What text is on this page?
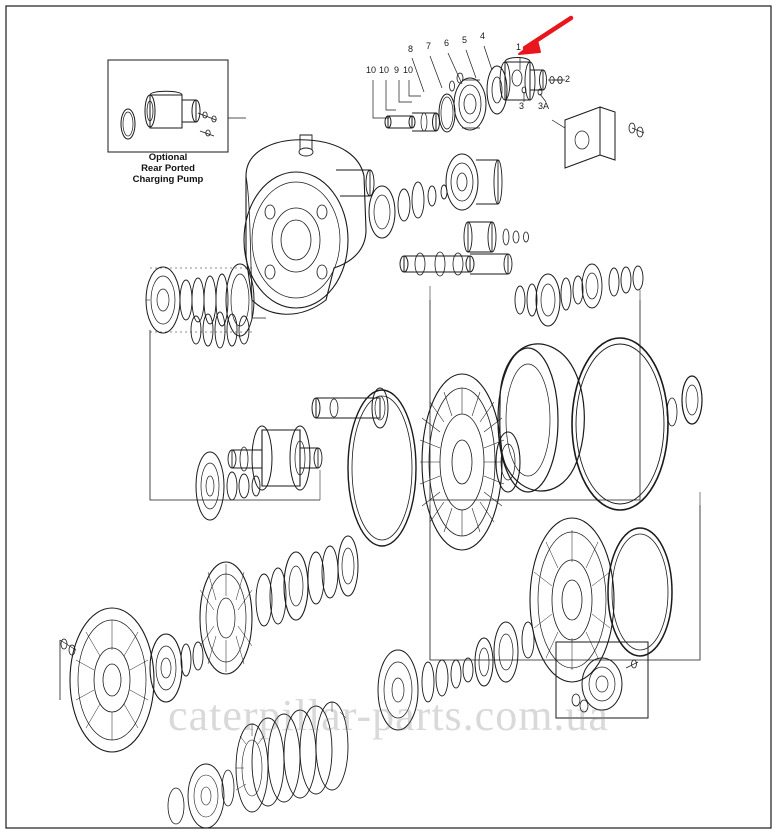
Optional
Rear Ported
Charging Pump
1
2
3 3A
4
5
6
7
8
9
10 10
10
caterpillar-parts.com.ua
